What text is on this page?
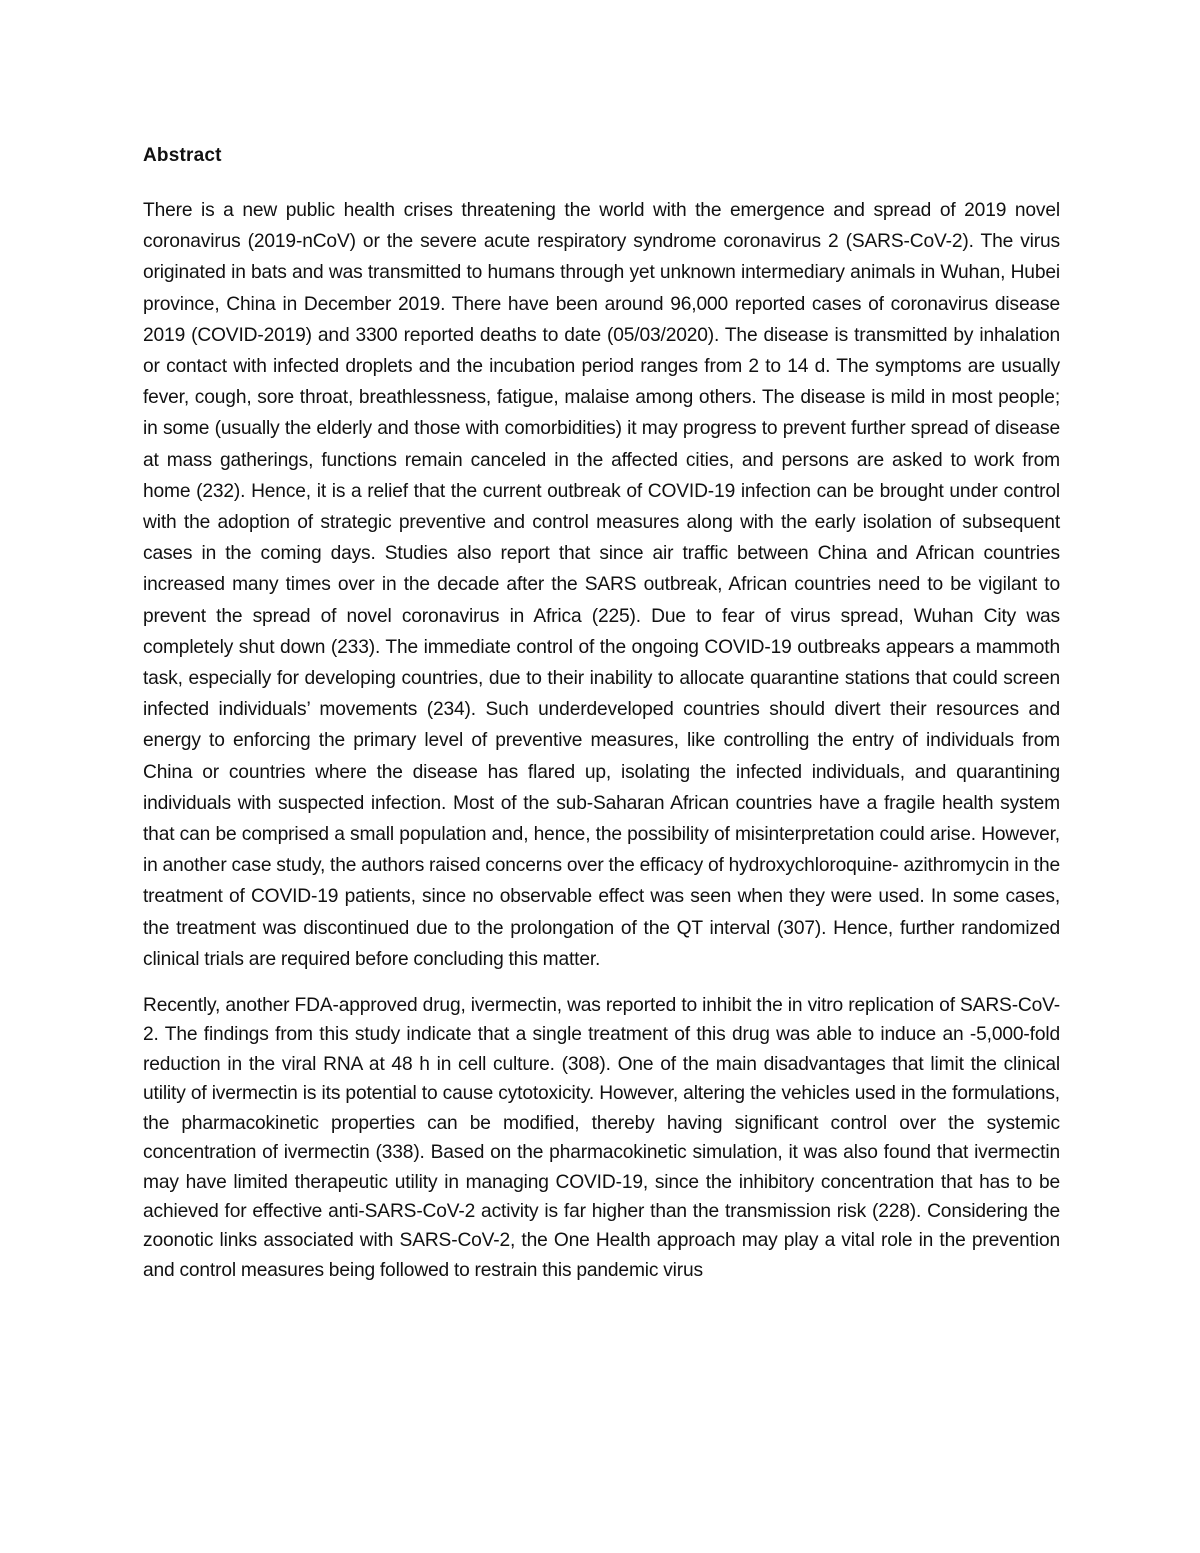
Abstract

There is a new public health crises threatening the world with the emergence and spread of 2019 novel coronavirus (2019-nCoV) or the severe acute respiratory syndrome coronavirus 2 (SARS-CoV-2). The virus originated in bats and was transmitted to humans through yet unknown intermediary animals in Wuhan, Hubei province, China in December 2019. There have been around 96,000 reported cases of coronavirus disease 2019 (COVID-2019) and 3300 reported deaths to date (05/03/2020). The disease is transmitted by inhalation or contact with infected droplets and the incubation period ranges from 2 to 14 d. The symptoms are usually fever, cough, sore throat, breathlessness, fatigue, malaise among others. The disease is mild in most people; in some (usually the elderly and those with comorbidities) it may progress to prevent further spread of disease at mass gatherings, functions remain canceled in the affected cities, and persons are asked to work from home (232). Hence, it is a relief that the current outbreak of COVID-19 infection can be brought under control with the adoption of strategic preventive and control measures along with the early isolation of subsequent cases in the coming days. Studies also report that since air traffic between China and African countries increased many times over in the decade after the SARS outbreak, African countries need to be vigilant to prevent the spread of novel coronavirus in Africa (225). Due to fear of virus spread, Wuhan City was completely shut down (233). The immediate control of the ongoing COVID-19 outbreaks appears a mammoth task, especially for developing countries, due to their inability to allocate quarantine stations that could screen infected individuals’ movements (234). Such underdeveloped countries should divert their resources and energy to enforcing the primary level of preventive measures, like controlling the entry of individuals from China or countries where the disease has flared up, isolating the infected individuals, and quarantining individuals with suspected infection. Most of the sub-Saharan African countries have a fragile health system that can be comprised a small population and, hence, the possibility of misinterpretation could arise. However, in another case study, the authors raised concerns over the efficacy of hydroxychloroquine- azithromycin in the treatment of COVID-19 patients, since no observable effect was seen when they were used. In some cases, the treatment was discontinued due to the prolongation of the QT interval (307). Hence, further randomized clinical trials are required before concluding this matter.

Recently, another FDA-approved drug, ivermectin, was reported to inhibit the in vitro replication of SARS-CoV-2. The findings from this study indicate that a single treatment of this drug was able to induce an -5,000-fold reduction in the viral RNA at 48 h in cell culture. (308). One of the main disadvantages that limit the clinical utility of ivermectin is its potential to cause cytotoxicity. However, altering the vehicles used in the formulations, the pharmacokinetic properties can be modified, thereby having significant control over the systemic concentration of ivermectin (338). Based on the pharmacokinetic simulation, it was also found that ivermectin may have limited therapeutic utility in managing COVID-19, since the inhibitory concentration that has to be achieved for effective anti-SARS-CoV-2 activity is far higher than the transmission risk (228). Considering the zoonotic links associated with SARS-CoV-2, the One Health approach may play a vital role in the prevention and control measures being followed to restrain this pandemic virus
